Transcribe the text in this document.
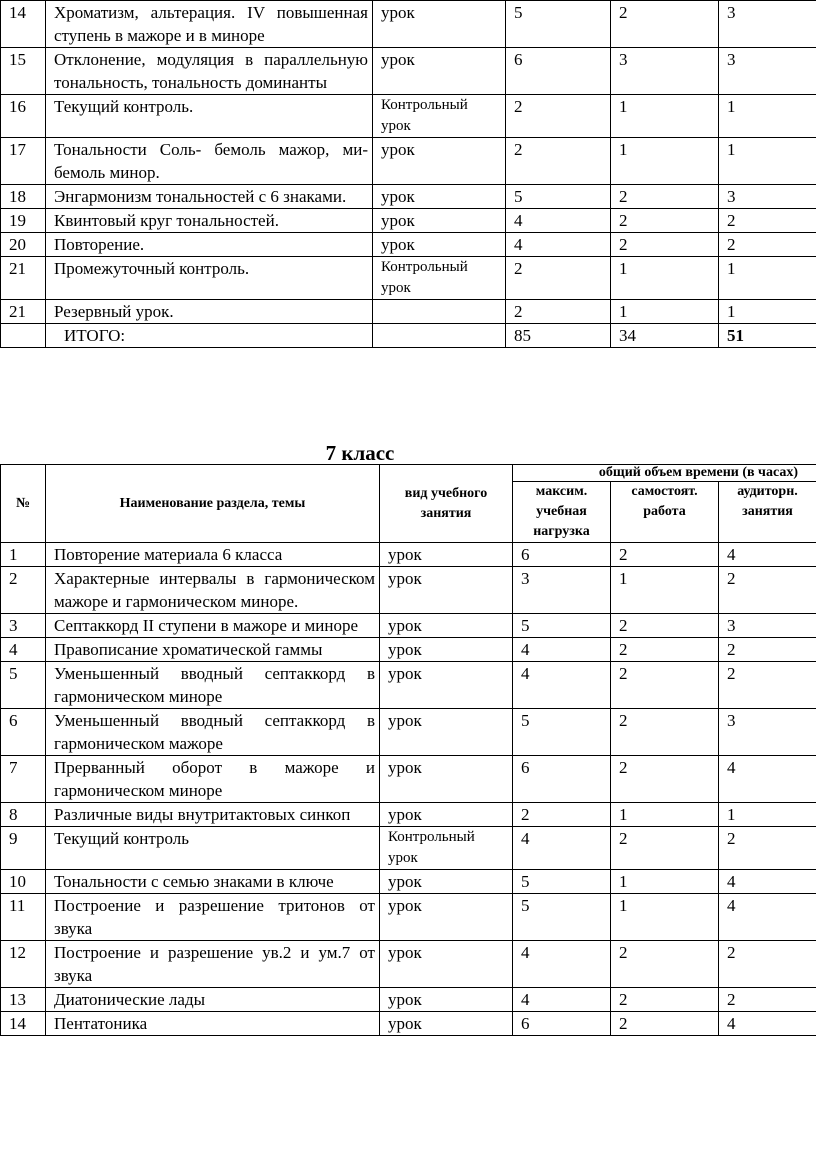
14	Хроматизм, альтерация. IV повышенная ступень в мажоре и в миноре	урок	5	2	3
15	Отклонение, модуляция в параллельную тональность, тональность доминанты	урок	6	3	3
16	Текущий контроль.	Контрольный урок	2	1	1
17	Тональности Соль- бемоль мажор, ми- бемоль минор.	урок	2	1	1
18	Энгармонизм тональностей с 6 знаками.	урок	5	2	3
19	Квинтовый круг тональностей.	урок	4	2	2
20	Повторение.	урок	4	2	2
21	Промежуточный контроль.	Контрольный урок	2	1	1
21	Резервный урок.		2	1	1
	ИТОГО:		85	34	51
7 класс
№	Наименование раздела, темы	вид учебного занятия	общий объем времени (в часах)		
			максим. учебная нагрузка	самостоят. работа	аудиторн. занятия
1	Повторение материала 6 класса	урок	6	2	4
2	Характерные интервалы в гармоническом мажоре и гармоническом миноре.	урок	3	1	2
3	Септаккорд II ступени в мажоре и миноре	урок	5	2	3
4	Правописание хроматической гаммы	урок	4	2	2
5	Уменьшенный вводный септаккорд в гармоническом миноре	урок	4	2	2
6	Уменьшенный вводный септаккорд в гармоническом мажоре	урок	5	2	3
7	Прерванный оборот в мажоре и гармоническом миноре	урок	6	2	4
8	Различные виды внутритактовых синкоп	урок	2	1	1
9	Текущий контроль	Контрольный урок	4	2	2
10	Тональности с семью знаками в ключе	урок	5	1	4
11	Построение и разрешение тритонов от звука	урок	5	1	4
12	Построение и разрешение ув.2 и ум.7 от звука	урок	4	2	2
13	Диатонические лады	урок	4	2	2
14	Пентатоника	урок	6	2	4
